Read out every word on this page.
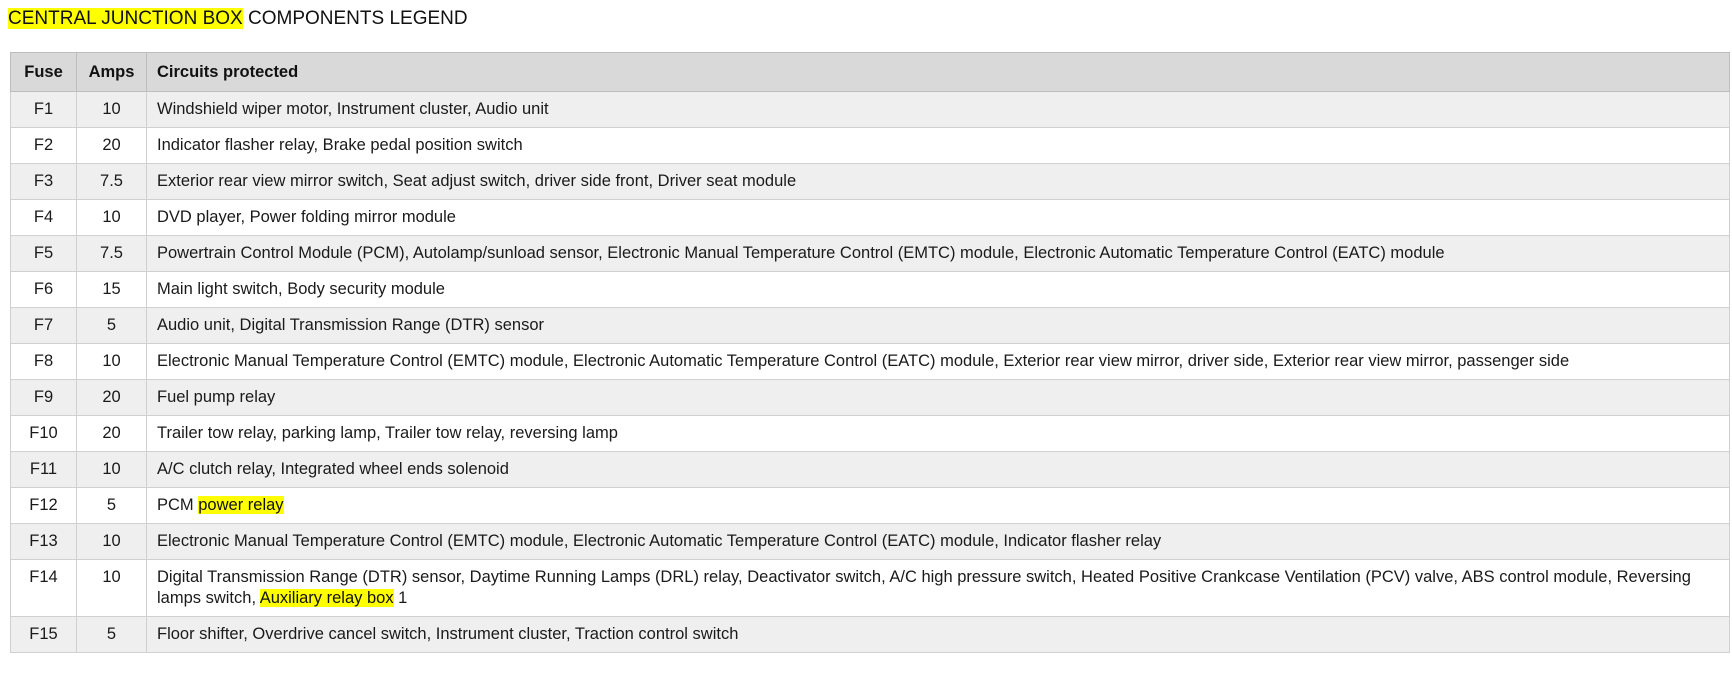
CENTRAL JUNCTION BOX COMPONENTS LEGEND
Fuse	Amps	Circuits protected
F1	10	Windshield wiper motor, Instrument cluster, Audio unit
F2	20	Indicator flasher relay, Brake pedal position switch
F3	7.5	Exterior rear view mirror switch, Seat adjust switch, driver side front, Driver seat module
F4	10	DVD player, Power folding mirror module
F5	7.5	Powertrain Control Module (PCM), Autolamp/sunload sensor, Electronic Manual Temperature Control (EMTC) module, Electronic Automatic Temperature Control (EATC) module
F6	15	Main light switch, Body security module
F7	5	Audio unit, Digital Transmission Range (DTR) sensor
F8	10	Electronic Manual Temperature Control (EMTC) module, Electronic Automatic Temperature Control (EATC) module, Exterior rear view mirror, driver side, Exterior rear view mirror, passenger side
F9	20	Fuel pump relay
F10	20	Trailer tow relay, parking lamp, Trailer tow relay, reversing lamp
F11	10	A/C clutch relay, Integrated wheel ends solenoid
F12	5	PCM power relay
F13	10	Electronic Manual Temperature Control (EMTC) module, Electronic Automatic Temperature Control (EATC) module, Indicator flasher relay
F14	10	Digital Transmission Range (DTR) sensor, Daytime Running Lamps (DRL) relay, Deactivator switch, A/C high pressure switch, Heated Positive Crankcase Ventilation (PCV) valve, ABS control module, Reversing lamps switch, Auxiliary relay box 1
F15	5	Floor shifter, Overdrive cancel switch, Instrument cluster, Traction control switch
